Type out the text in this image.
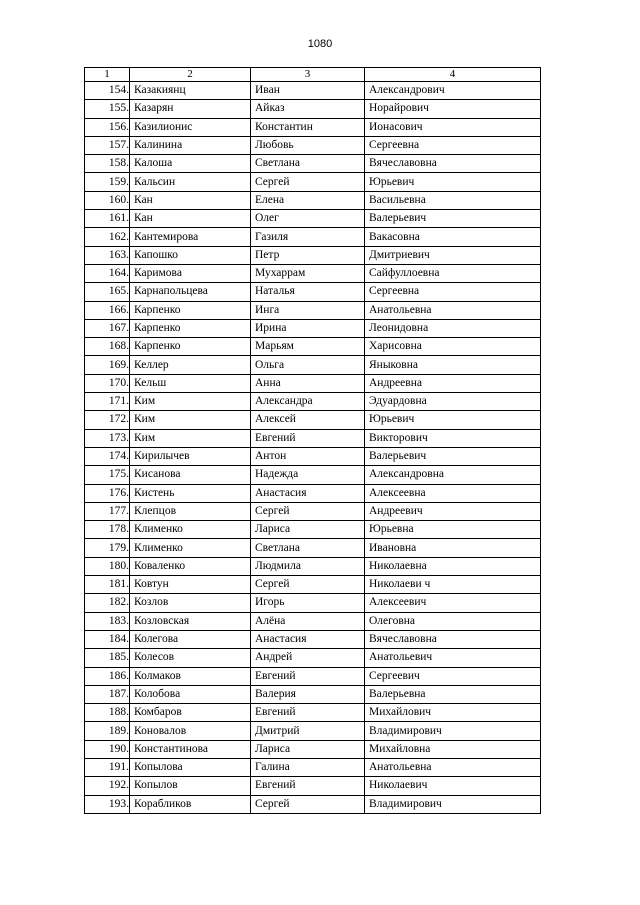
1080
1	2	3	4
154.	Казакиянц	Иван	Александрович
155.	Казарян	Айказ	Норайрович
156.	Казилионис	Константин	Ионасович
157.	Калинина	Любовь	Сергеевна
158.	Калоша	Светлана	Вячеславовна
159.	Кальсин	Сергей	Юрьевич
160.	Кан	Елена	Васильевна
161.	Кан	Олег	Валерьевич
162.	Кантемирова	Газиля	Вакасовна
163.	Капошко	Петр	Дмитриевич
164.	Каримова	Мухаррам	Сайфуллоевна
165.	Карнапольцева	Наталья	Сергеевна
166.	Карпенко	Инга	Анатольевна
167.	Карпенко	Ирина	Леонидовна
168.	Карпенко	Марьям	Харисовна
169.	Келлер	Ольга	Яныковна
170.	Кельш	Анна	Андреевна
171.	Ким	Александра	Эдуардовна
172.	Ким	Алексей	Юрьевич
173.	Ким	Евгений	Викторович
174.	Кирилычев	Антон	Валерьевич
175.	Кисанова	Надежда	Александровна
176.	Кистень	Анастасия	Алексеевна
177.	Клепцов	Сергей	Андреевич
178.	Клименко	Лариса	Юрьевна
179.	Клименко	Светлана	Ивановна
180.	Коваленко	Людмила	Николаевна
181.	Ковтун	Сергей	Николаеви ч
182.	Козлов	Игорь	Алексеевич
183.	Козловская	Алёна	Олеговна
184.	Колегова	Анастасия	Вячеславовна
185.	Колесов	Андрей	Анатольевич
186.	Колмаков	Евгений	Сергеевич
187.	Колобова	Валерия	Валерьевна
188.	Комбаров	Евгений	Михайлович
189.	Коновалов	Дмитрий	Владимирович
190.	Константинова	Лариса	Михайловна
191.	Копылова	Галина	Анатольевна
192.	Копылов	Евгений	Николаевич
193.	Корабликов	Сергей	Владимирович
